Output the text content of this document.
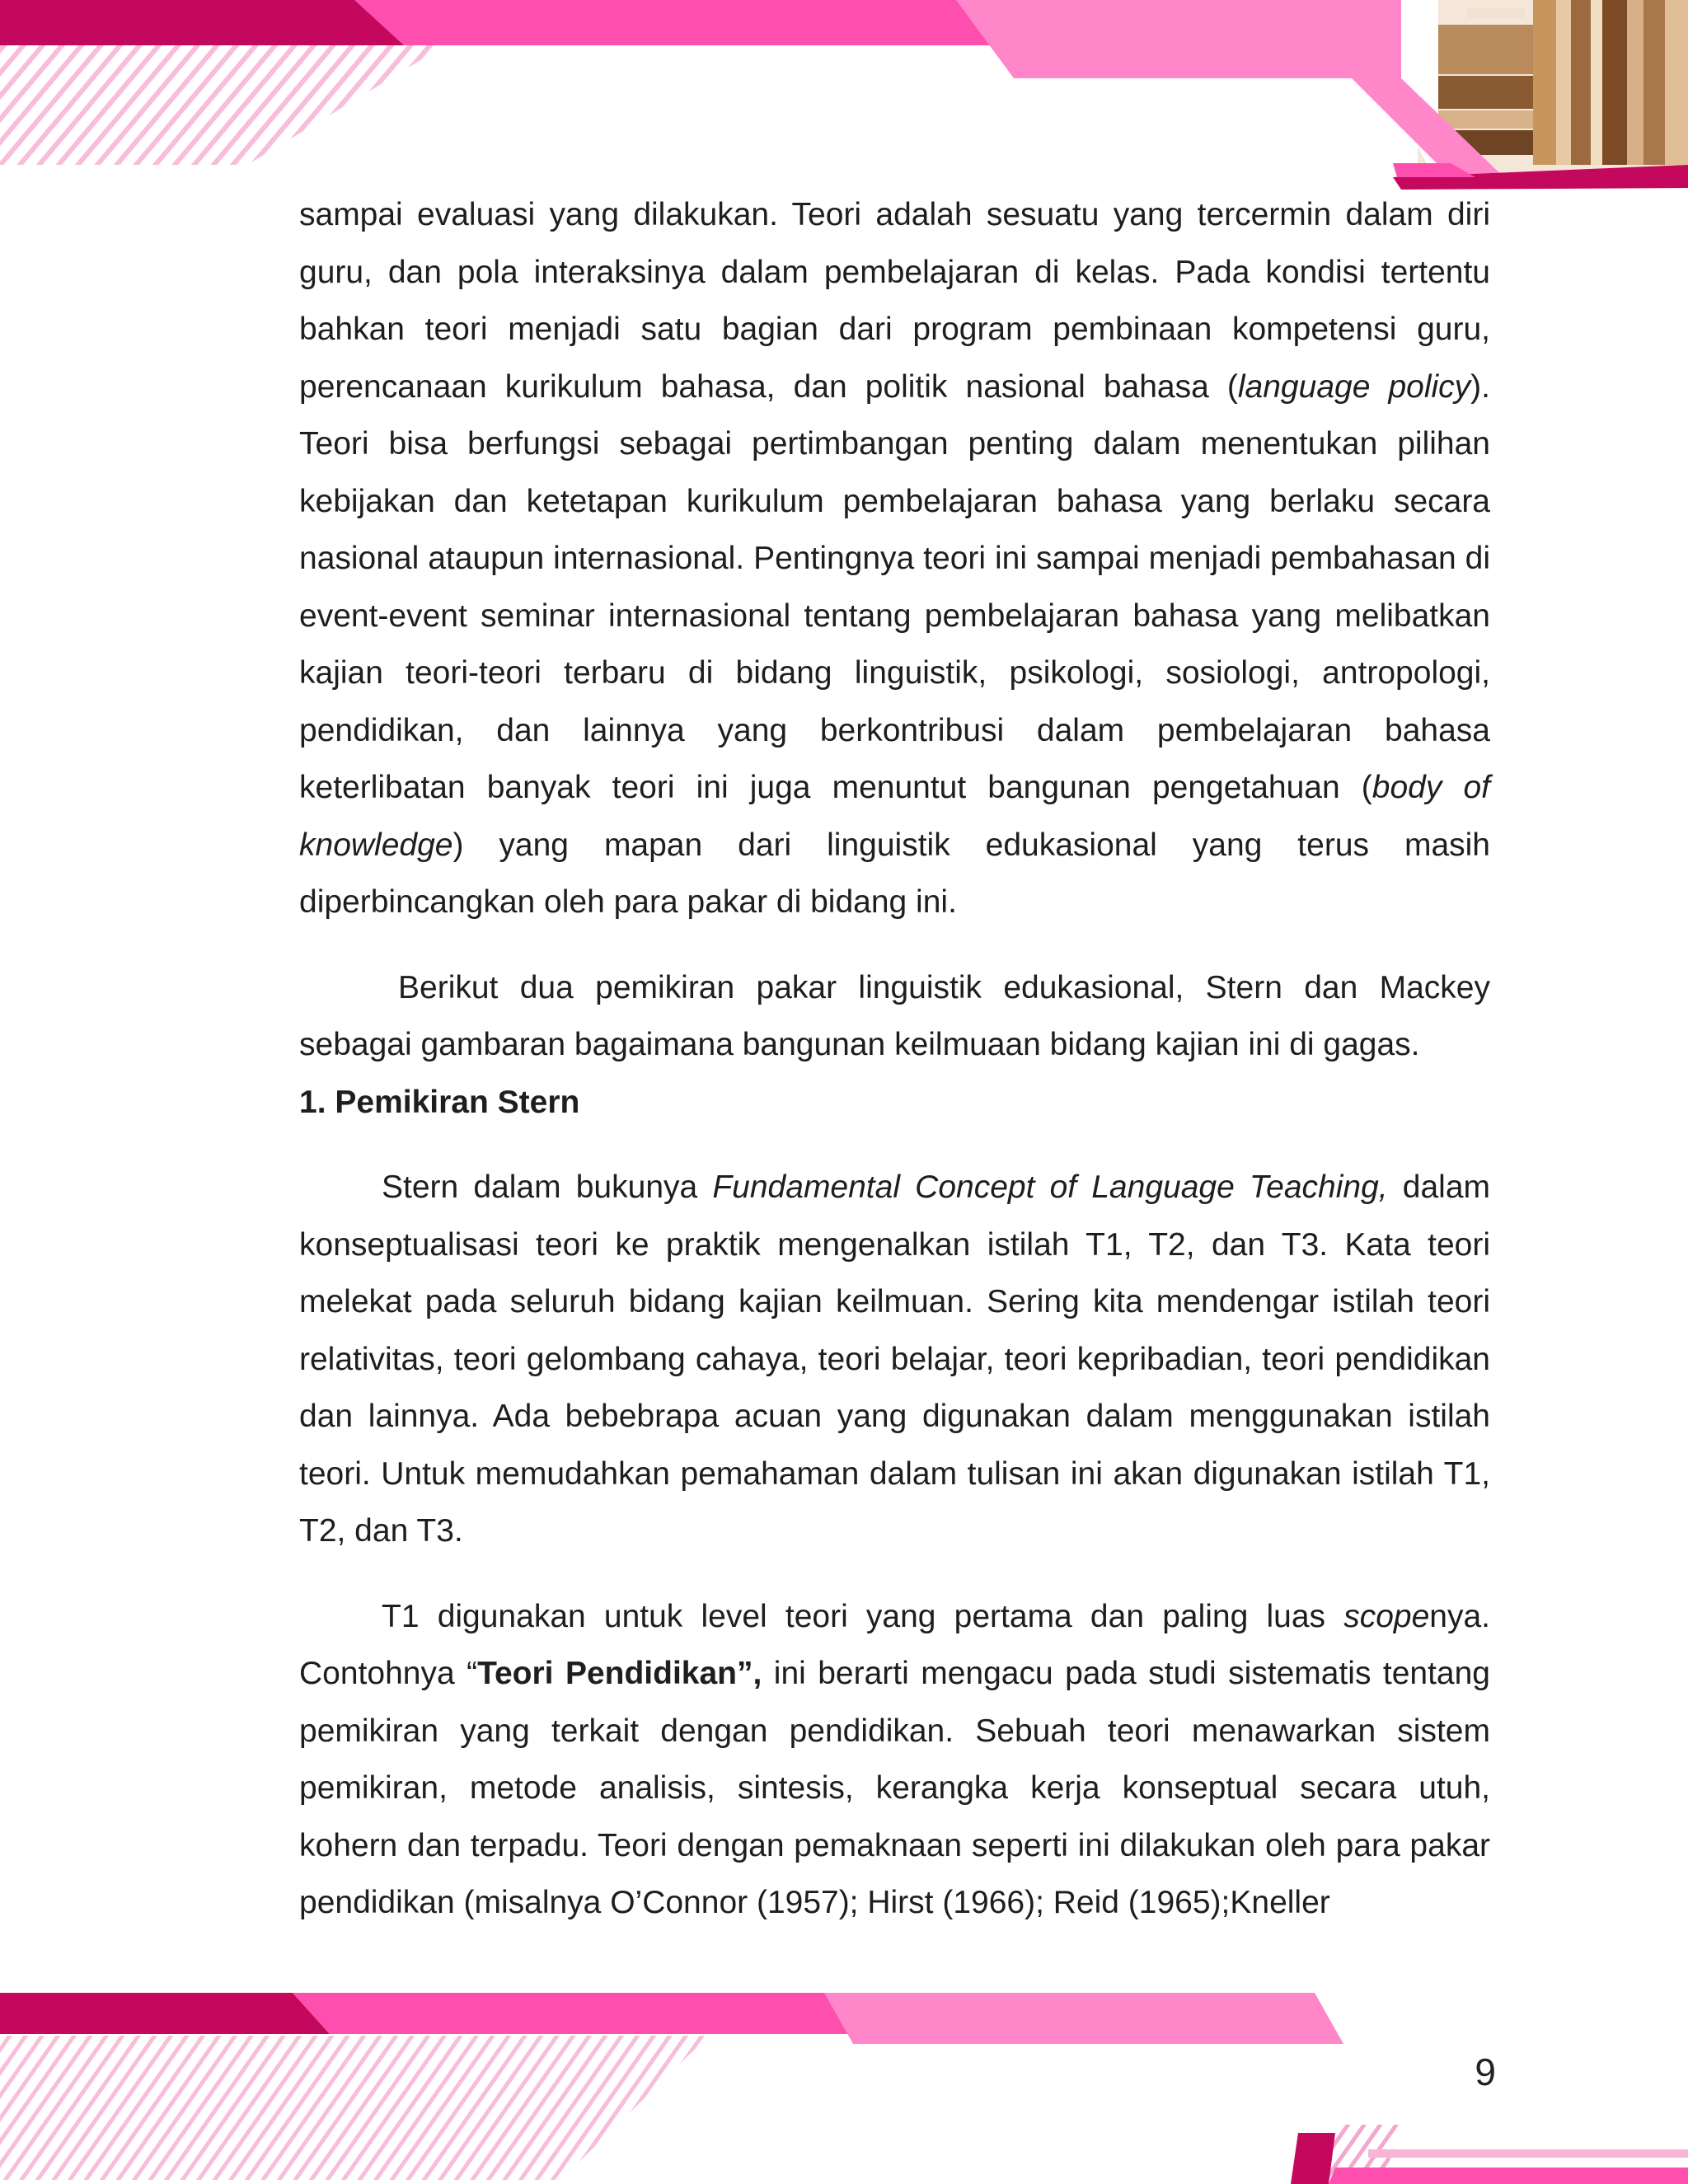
sampai evaluasi yang dilakukan. Teori adalah sesuatu yang tercermin dalam diri guru, dan pola interaksinya dalam pembelajaran di kelas. Pada kondisi tertentu bahkan teori menjadi satu bagian dari program pembinaan kompetensi guru, perencanaan kurikulum bahasa, dan politik nasional bahasa (language policy). Teori bisa berfungsi sebagai pertimbangan penting dalam menentukan pilihan kebijakan dan ketetapan kurikulum pembelajaran bahasa yang berlaku secara nasional ataupun internasional. Pentingnya teori ini sampai menjadi pembahasan di event-event seminar internasional tentang pembelajaran bahasa yang melibatkan kajian teori-teori terbaru di bidang linguistik, psikologi, sosiologi, antropologi, pendidikan, dan lainnya yang berkontribusi dalam pembelajaran bahasa keterlibatan banyak teori ini juga menuntut bangunan pengetahuan (body of knowledge) yang mapan dari linguistik edukasional yang terus masih diperbincangkan oleh para pakar di bidang ini.

Berikut dua pemikiran pakar linguistik edukasional, Stern dan Mackey sebagai gambaran bagaimana bangunan keilmuaan bidang kajian ini di gagas.

1. Pemikiran Stern

Stern dalam bukunya Fundamental Concept of Language Teaching, dalam konseptualisasi teori ke praktik mengenalkan istilah T1, T2, dan T3. Kata teori melekat pada seluruh bidang kajian keilmuan. Sering kita mendengar istilah teori relativitas, teori gelombang cahaya, teori belajar, teori kepribadian, teori pendidikan dan lainnya. Ada bebebrapa acuan yang digunakan dalam menggunakan istilah teori. Untuk memudahkan pemahaman dalam tulisan ini akan digunakan istilah T1, T2, dan T3.

T1 digunakan untuk level teori yang pertama dan paling luas scopenya. Contohnya “Teori Pendidikan”, ini berarti mengacu pada studi sistematis tentang pemikiran yang terkait dengan pendidikan. Sebuah teori menawarkan sistem pemikiran, metode analisis, sintesis, kerangka kerja konseptual secara utuh, kohern dan terpadu. Teori dengan pemaknaan seperti ini dilakukan oleh para pakar pendidikan (misalnya O’Connor (1957); Hirst (1966); Reid (1965);Kneller

9
